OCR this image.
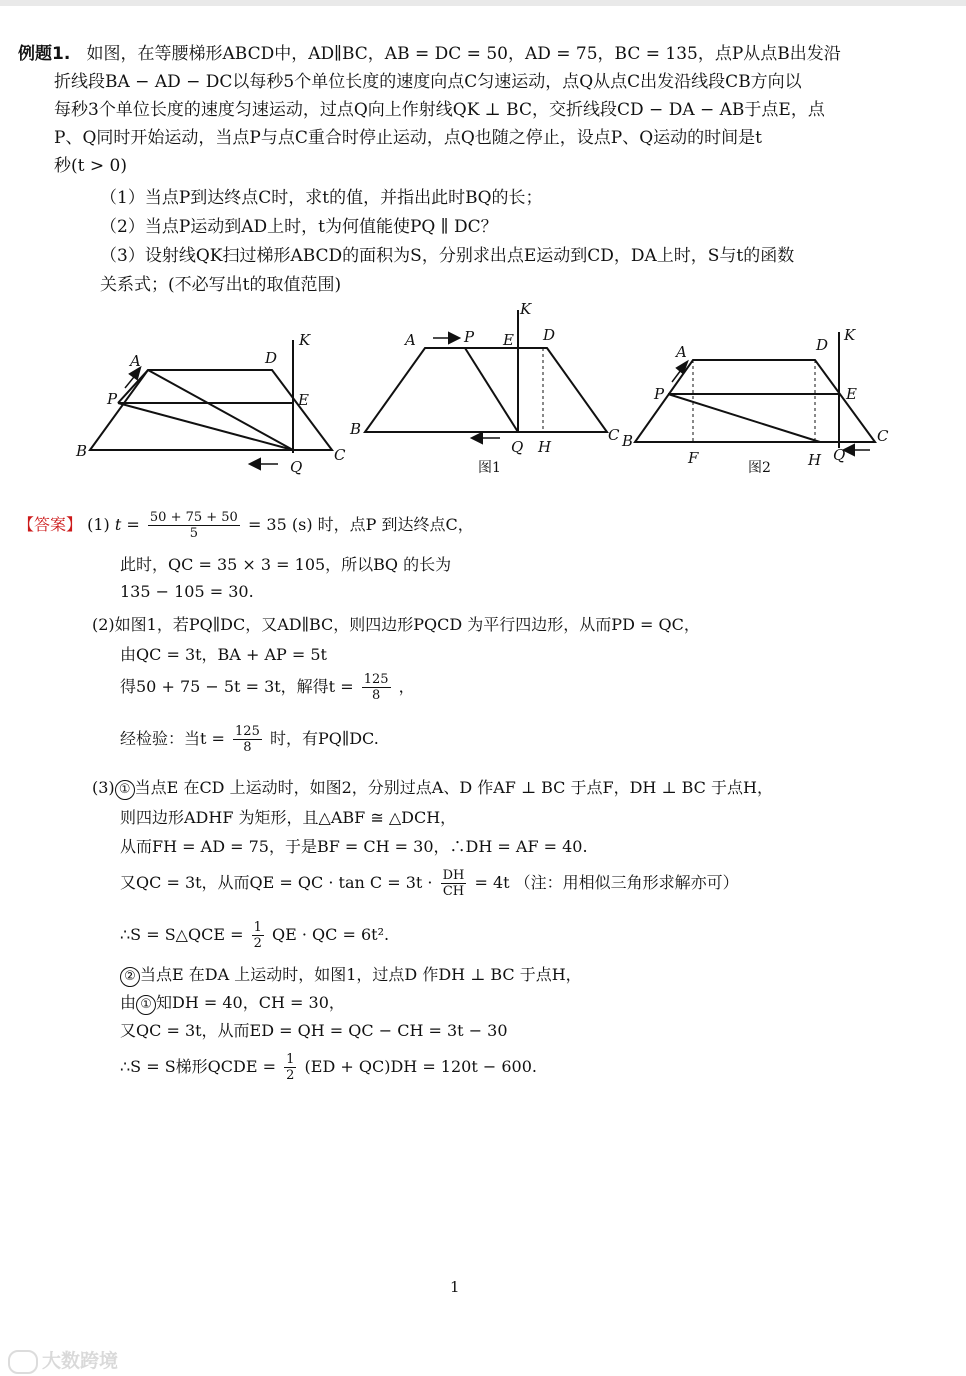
例题1. 如图，在等腰梯形ABCD中，AD∥BC，AB = DC = 50，AD = 75，BC = 135，点P从点B出发沿

折线段BA − AD − DC以每秒5个单位长度的速度向点C匀速运动，点Q从点C出发沿线段CB方向以

每秒3个单位长度的速度匀速运动，过点Q向上作射线QK ⊥ BC，交折线段CD − DA − AB于点E，点

P、Q同时开始运动，当点P与点C重合时停止运动，点Q也随之停止，设点P、Q运动的时间是t

秒(t > 0)

（1）当点P到达终点C时，求t的值，并指出此时BQ的长；
（2）当点P运动到AD上时，t为何值能使PQ ∥ DC？
（3）设射线QK扫过梯形ABCD的面积为S，分别求出点E运动到CD，DA上时，S与t的函数
关系式；(不必写出t的取值范围)
A	D
K
P	E
B
Q
C
A	P E D
K
B
Q H
C
图1
A	D
K
P	E
B
F	H Q
C
图2
【答案】 (1) $t = \frac{50 + 75 + 50}{5} = 35$ (s) 时，点P 到达终点C，
此时，QC = 35 × 3 = 105，所以BQ 的长为
135 − 105 = 30.
(2)如图1，若PQ∥DC，又AD∥BC，则四边形PQCD 为平行四边形，从而PD = QC，
由QC = 3t，BA + AP = 5t
得50 + 75 − 5t = 3t，解得$t = \frac{125}{8}$ ，
经检验：当$t = \frac{125}{8}$ 时，有PQ∥DC.
(3) ① 当点E 在CD 上运动时，如图2，分别过点A、D 作AF ⊥ BC 于点F，DH ⊥ BC 于点H，
则四边形ADHF 为矩形，且△ABF ≅ △DCH，
从而FH = AD = 75，于是BF = CH = 30，∴DH = AF = 40.
又QC = 3t，从而QE = QC · $\tan C = 3t \cdot \frac{DH}{CH} = 4t$ （注：用相似三角形求解亦可）
∴S = S△QCE = $\frac{1}{2}$ QE · QC = 6t².
② 当点E 在DA 上运动时，如图1，过点D 作DH ⊥ BC 于点H，
由 ① 知DH = 40，CH = 30，
又QC = 3t，从而ED = QH = QC − CH = 3t − 30
∴S = S梯形QCDE = $\frac{1}{2} (ED + QC)DH = 120t - 600$.
1
大数跨境
